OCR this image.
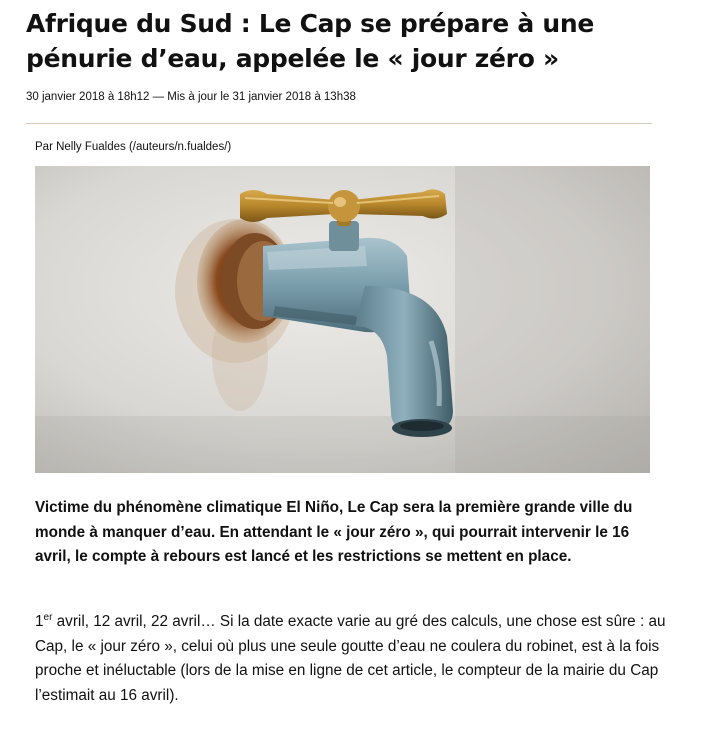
Afrique du Sud : Le Cap se prépare à une pénurie d’eau, appelée le « jour zéro »
30 janvier 2018 à 18h12 — Mis à jour le 31 janvier 2018 à 13h38
Par Nelly Fualdes (/auteurs/n.fualdes/)

Victime du phénomène climatique El Niño, Le Cap sera la première grande ville du monde à manquer d’eau. En attendant le « jour zéro », qui pourrait intervenir le 16 avril, le compte à rebours est lancé et les restrictions se mettent en place.

1er avril, 12 avril, 22 avril… Si la date exacte varie au gré des calculs, une chose est sûre : au Cap, le « jour zéro », celui où plus une seule goutte d’eau ne coulera du robinet, est à la fois proche et inéluctable (lors de la mise en ligne de cet article, le compteur de la mairie du Cap l’estimait au 16 avril).
